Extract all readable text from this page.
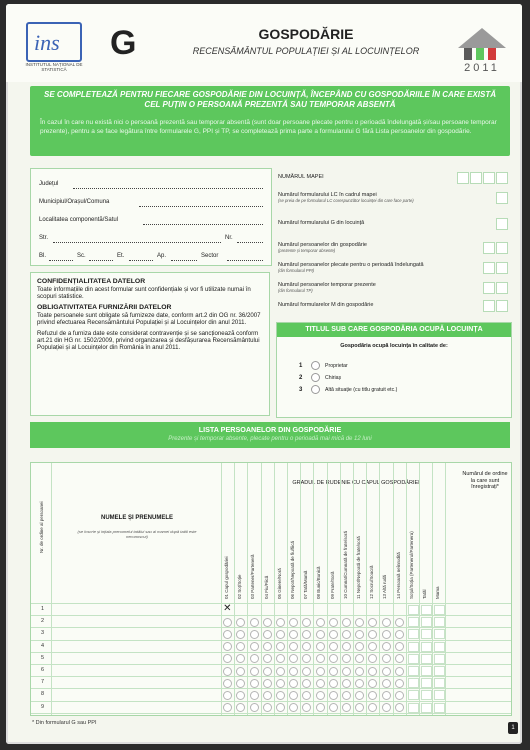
ins
INSTITUTUL NAȚIONAL DE STATISTICĂ
G	GOSPODĂRIE
RECENSĂMÂNTUL POPULAȚIEI ȘI AL LOCUINȚELOR
2011
SE COMPLETEAZĂ PENTRU FIECARE GOSPODĂRIE DIN LOCUINȚĂ, ÎNCEPÂND CU GOSPODĂRIILE ÎN CARE EXISTĂ CEL PUȚIN O PERSOANĂ PREZENTĂ SAU TEMPORAR ABSENTĂ
În cazul în care nu există nici o persoană prezentă sau temporar absentă (sunt doar persoane plecate pentru o perioadă îndelungată și/sau persoane temporar prezente), pentru a se face legătura între formularele G, PPI și TP, se completează prima parte a formularului G fără Lista persoanelor din gospodărie.
Județul
Municipiul/Orașul/Comuna
Localitatea componentă/Satul
Str.	Nr.
Bl.	Sc.	Et.	Ap.	Sector
NUMĂRUL MAPEI
Numărul formularului LC în cadrul mapei
(se preia de pe formularul LC corespunzător locuinței din care face parte)
Numărul formularului G din locuință
Numărul persoanelor din gospodărie
(prezente și temporar absente)
Numărul persoanelor plecate pentru o perioadă îndelungată
(din formularul PPI)
Numărul persoanelor temporar prezente
(din formularul TP)
Numărul formularelor M din gospodărie
CONFIDENȚIALITATEA DATELOR
Toate informațiile din acest formular sunt confidențiale și vor fi utilizate numai în scopuri statistice.
OBLIGATIVITATEA FURNIZĂRII DATELOR
Toate persoanele sunt obligate să furnizeze date, conform art.2 din OG nr. 36/2007 privind efectuarea Recensământului Populației și al Locuințelor din anul 2011.
Refuzul de a furniza date este considerat contravenție și se sancționează conform art.21 din HG nr. 1502/2009, privind organizarea și desfășurarea Recensământului Populației și al Locuințelor din România în anul 2011.
TITLUL SUB CARE GOSPODĂRIA OCUPĂ LOCUINȚA
Gospodăria ocupă locuința în calitate de:
1	Proprietar
2	Chiriaș
3	Altă situație (cu titlu gratuit etc.)
LISTA PERSOANELOR DIN GOSPODĂRIE
Prezente și temporar absente, plecate pentru o perioadă mai mică de 12 luni
Nr. de ordine al persoanei	NUMELE ȘI PRENUMELE
(se înscrie și ințiala prenumelui tatălui sau al mamei după tatăl este necunoscut)
GRADUL DE RUDENIE CU CAPUL GOSPODĂRIEI
Numărul de ordine la care sunt înregistrați*
01 Capul gospodăriei 02 Soț/Soție 03 Partener/Parteneră 04 Fiu/Fiică 05 Ginere/Noră 06 Nepot/Nepoată de fiu/fiică 07 Tată/Mamă 08 Bunic/Bunică 09 Frate/Soră 10 Cumnat/Cumnată de frate/soră 11 Nepot/Nepoată de frate/soră 12 Socru/Soacră 13 Altă rudă 14 Persoană neînrudită Soțul/Soția (Partenerul/Partenera) Tatăl Mama
1	✕
2
3
4
5
6
7
8
9
* Din formularul G sau PPI
1
